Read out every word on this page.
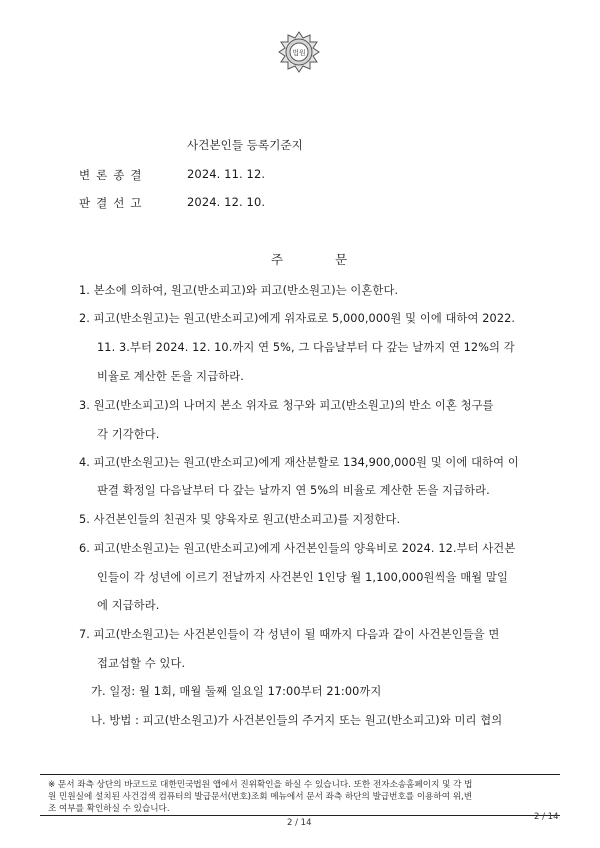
법원
사건본인들 등록기준지
변론종결	2024. 11. 12.
판결선고	2024. 12. 10.
주	문
1. 본소에 의하여, 원고(반소피고)와 피고(반소원고)는 이혼한다.
2. 피고(반소원고)는 원고(반소피고)에게 위자료로 5,000,000원 및 이에 대하여 2022.
11. 3.부터 2024. 12. 10.까지 연 5%, 그 다음날부터 다 갚는 날까지 연 12%의 각
비율로 계산한 돈을 지급하라.
3. 원고(반소피고)의 나머지 본소 위자료 청구와 피고(반소원고)의 반소 이혼 청구를
각 기각한다.
4. 피고(반소원고)는 원고(반소피고)에게 재산분할로 134,900,000원 및 이에 대하여 이
판결 확정일 다음날부터 다 갚는 날까지 연 5%의 비율로 계산한 돈을 지급하라.
5. 사건본인들의 친권자 및 양육자로 원고(반소피고)를 지정한다.
6. 피고(반소원고)는 원고(반소피고)에게 사건본인들의 양육비로 2024. 12.부터 사건본
인들이 각 성년에 이르기 전날까지 사건본인 1인당 월 1,100,000원씩을 매월 말일
에 지급하라.
7. 피고(반소원고)는 사건본인들이 각 성년이 될 때까지 다음과 같이 사건본인들을 면
접교섭할 수 있다.
가. 일정: 월 1회, 매월 둘째 일요일 17:00부터 21:00까지
나. 방법 : 피고(반소원고)가 사건본인들의 주거지 또는 원고(반소피고)와 미리 협의
※ 문서 좌측 상단의 바코드로 대한민국법원 앱에서 진위확인을 하실 수 있습니다. 또한 전자소송홈페이지 및 각 법
원 민원실에 설치된 사건검색 컴퓨터의 발급문서(번호)조회 메뉴에서 문서 좌측 하단의 발급번호를 이용하여 위,변
조 여부를 확인하실 수 있습니다.
2 / 14
2 / 14
